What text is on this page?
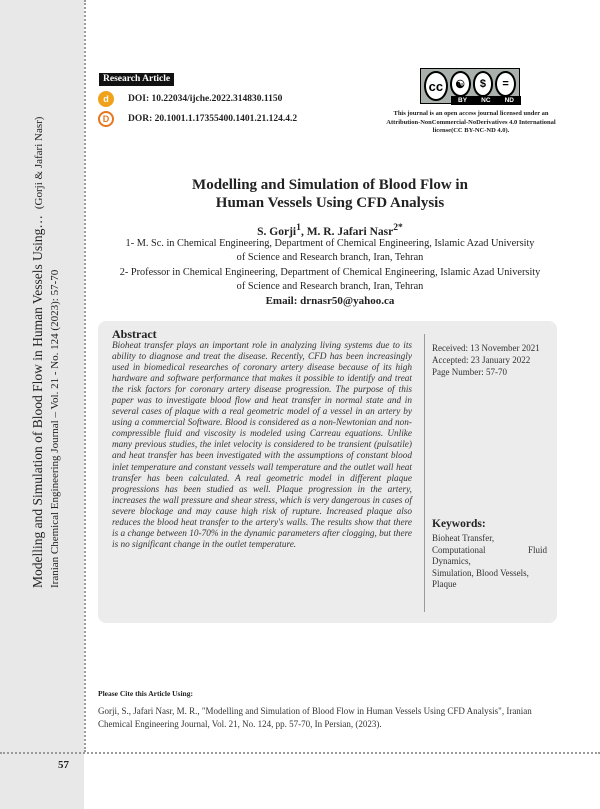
Modelling and Simulation of Blood Flow in Human Vessels Using…(Gorji & Jafari Nasr)
Iranian Chemical Engineering Journal – Vol. 21 - No. 124 (2023): 57-70
57
Research Article
d	DOI: 10.22034/ijche.2022.314830.1150
D	DOR: 20.1001.1.17355400.1401.21.124.4.2
cc	☯	$	=
BY NC ND
This journal is an open access journal licensed under an Attribution-NonCommercial-NoDerivatives 4.0 International license(CC BY-NC-ND 4.0).
Modelling and Simulation of Blood Flow in
Human Vessels Using CFD Analysis
S. Gorji$^1$, M. R. Jafari Nasr$^{2*}$
1- M. Sc. in Chemical Engineering, Department of Chemical Engineering, Islamic Azad University
of Science and Research branch, Iran, Tehran
2- Professor in Chemical Engineering, Department of Chemical Engineering, Islamic Azad University
of Science and Research branch, Iran, Tehran
Email: drnasr50@yahoo.ca
Abstract
Bioheat transfer plays an important role in analyzing living systems due to its ability to diagnose and treat the disease. Recently, CFD has been increasingly used in biomedical researches of coronary artery disease because of its high hardware and software performance that makes it possible to identify and treat the risk factors for coronary artery disease progression. The purpose of this paper was to investigate blood flow and heat transfer in normal state and in several cases of plaque with a real geometric model of a vessel in an artery by using a commercial Software. Blood is considered as a non-Newtonian and non-compressible fluid and viscosity is modeled using Carreau equations. Unlike many previous studies, the inlet velocity is considered to be transient (pulsatile) and heat transfer has been investigated with the assumptions of constant blood inlet temperature and constant vessels wall temperature and the outlet wall heat transfer has been calculated. A real geometric model in different plaque progressions has been studied as well. Plaque progression in the artery, increases the wall pressure and shear stress, which is very dangerous in cases of severe blockage and may cause high risk of rupture. Increased plaque also reduces the blood heat transfer to the artery's walls. The results show that there is a change between 10-70% in the dynamic parameters after clogging, but there is no significant change in the outlet temperature.
Received: 13 November 2021
Accepted: 23 January 2022
Page Number: 57-70
Keywords:
Bioheat Transfer,
Computational	Fluid
Dynamics,
Simulation, Blood Vessels,
Plaque
Please Cite this Article Using:
Gorji, S., Jafari Nasr, M. R., "Modelling and Simulation of Blood Flow in Human Vessels Using CFD Analysis", Iranian Chemical Engineering Journal, Vol. 21, No. 124, pp. 57-70, In Persian, (2023).
